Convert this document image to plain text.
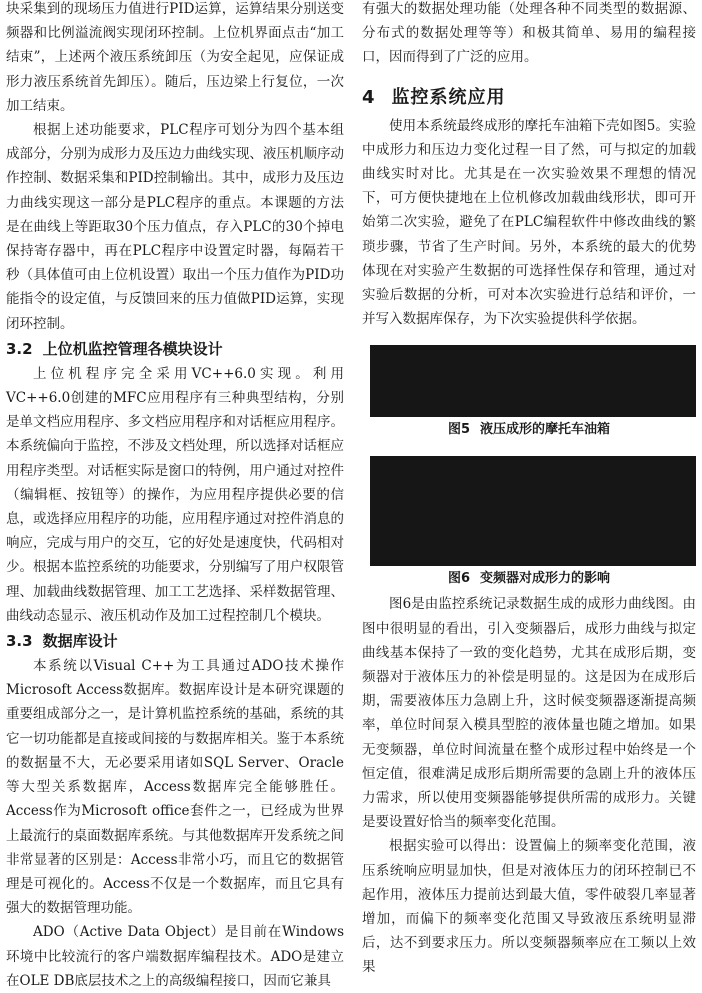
块采集到的现场压力值进行PID运算，运算结果分别送变频器和比例溢流阀实现闭环控制。上位机界面点击“加工结束”，上述两个液压系统卸压（为安全起见，应保证成形力液压系统首先卸压）。随后，压边梁上行复位，一次加工结束。

根据上述功能要求，PLC程序可划分为四个基本组成部分，分别为成形力及压边力曲线实现、液压机顺序动作控制、数据采集和PID控制输出。其中，成形力及压边力曲线实现这一部分是PLC程序的重点。本课题的方法是在曲线上等距取30个压力值点，存入PLC的30个掉电保持寄存器中，再在PLC程序中设置定时器，每隔若干秒（具体值可由上位机设置）取出一个压力值作为PID功能指令的设定值，与反馈回来的压力值做PID运算，实现闭环控制。

3.2 上位机监控管理各模块设计

上位机程序完全采用VC++6.0实现。利用VC++6.0创建的MFC应用程序有三种典型结构，分别是单文档应用程序、多文档应用程序和对话框应用程序。本系统偏向于监控，不涉及文档处理，所以选择对话框应用程序类型。对话框实际是窗口的特例，用户通过对控件（编辑框、按钮等）的操作，为应用程序提供必要的信息，或选择应用程序的功能，应用程序通过对控件消息的响应，完成与用户的交互，它的好处是速度快，代码相对少。根据本监控系统的功能要求，分别编写了用户权限管理、加载曲线数据管理、加工工艺选择、采样数据管理、曲线动态显示、液压机动作及加工过程控制几个模块。

3.3 数据库设计

本系统以Visual C++为工具通过ADO技术操作Microsoft Access数据库。数据库设计是本研究课题的重要组成部分之一，是计算机监控系统的基础，系统的其它一切功能都是直接或间接的与数据库相关。鉴于本系统的数据量不大，无必要采用诸如SQL Server、Oracle等大型关系数据库，Access数据库完全能够胜任。Access作为Microsoft office套件之一，已经成为世界上最流行的桌面数据库系统。与其他数据库开发系统之间非常显著的区别是：Access非常小巧，而且它的数据管理是可视化的。Access不仅是一个数据库，而且它具有强大的数据管理功能。

ADO（Active Data Object）是目前在Windows环境中比较流行的客户端数据库编程技术。ADO是建立在OLE DB底层技术之上的高级编程接口，因而它兼具

有强大的数据处理功能（处理各种不同类型的数据源、分布式的数据处理等等）和极其简单、易用的编程接口，因而得到了广泛的应用。

4 监控系统应用

使用本系统最终成形的摩托车油箱下壳如图5。实验中成形力和压边力变化过程一目了然，可与拟定的加载曲线实时对比。尤其是在一次实验效果不理想的情况下，可方便快捷地在上位机修改加载曲线形状，即可开始第二次实验，避免了在PLC编程软件中修改曲线的繁琐步骤，节省了生产时间。另外，本系统的最大的优势体现在对实验产生数据的可选择性保存和管理，通过对实验后数据的分析，可对本次实验进行总结和评价，一并写入数据库保存，为下次实验提供科学依据。

图5 液压成形的摩托车油箱
图6 变频器对成形力的影响

图6是由监控系统记录数据生成的成形力曲线图。由图中很明显的看出，引入变频器后，成形力曲线与拟定曲线基本保持了一致的变化趋势，尤其在成形后期，变频器对于液体压力的补偿是明显的。这是因为在成形后期，需要液体压力急剧上升，这时候变频器逐渐提高频率，单位时间泵入模具型腔的液体量也随之增加。如果无变频器，单位时间流量在整个成形过程中始终是一个恒定值，很难满足成形后期所需要的急剧上升的液体压力需求，所以使用变频器能够提供所需的成形力。关键是要设置好恰当的频率变化范围。

根据实验可以得出：设置偏上的频率变化范围，液压系统响应明显加快，但是对液体压力的闭环控制已不起作用，液体压力提前达到最大值，零件破裂几率显著增加，而偏下的频率变化范围又导致液压系统明显滞后，达不到要求压力。所以变频器频率应在工频以上效果
